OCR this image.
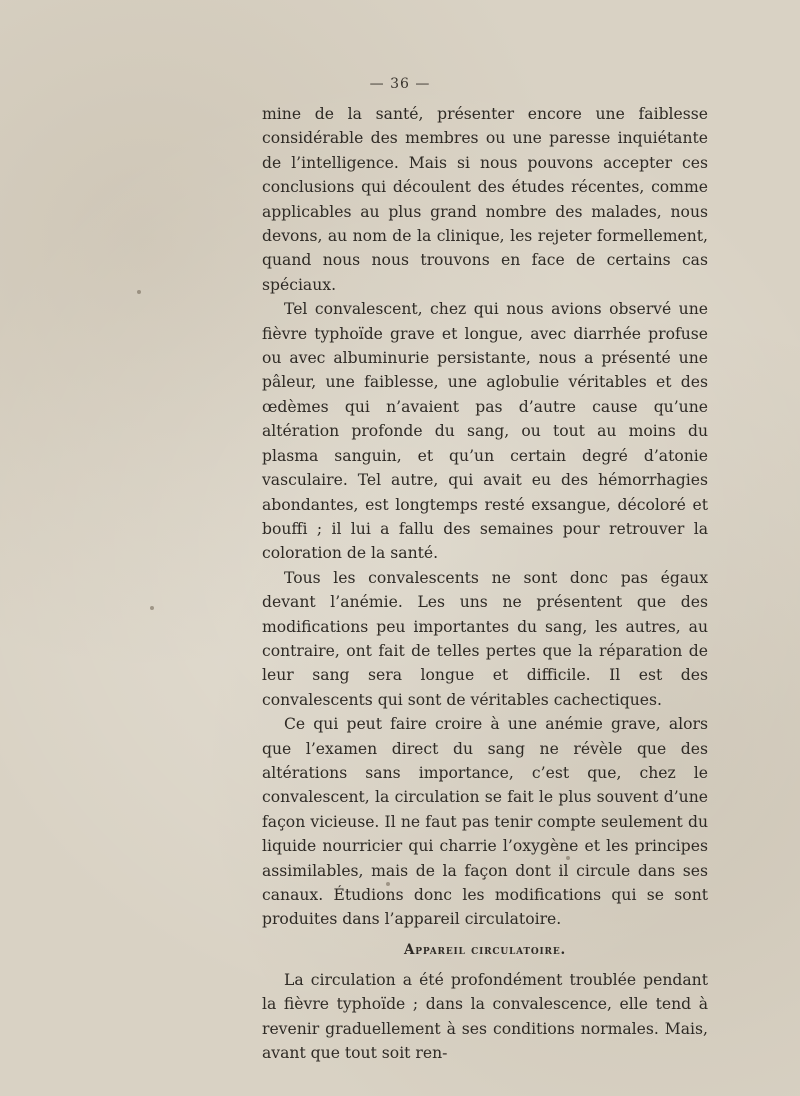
— 36 —

mine de la santé, présenter encore une faiblesse considérable des membres ou une paresse inquiétante de l’intelligence. Mais si nous pouvons accepter ces conclusions qui découlent des études récentes, comme applicables au plus grand nombre des malades, nous devons, au nom de la clinique, les rejeter formellement, quand nous nous trouvons en face de certains cas spéciaux.

Tel convalescent, chez qui nous avions observé une fièvre typhoïde grave et longue, avec diarrhée profuse ou avec albuminurie persistante, nous a présenté une pâleur, une faiblesse, une aglobulie véritables et des œdèmes qui n’avaient pas d’autre cause qu’une altération profonde du sang, ou tout au moins du plasma sanguin, et qu’un certain degré d’atonie vasculaire. Tel autre, qui avait eu des hémorrhagies abondantes, est longtemps resté exsangue, décoloré et bouffi ; il lui a fallu des semaines pour retrouver la coloration de la santé.

Tous les convalescents ne sont donc pas égaux devant l’anémie. Les uns ne présentent que des modifications peu importantes du sang, les autres, au contraire, ont fait de telles pertes que la réparation de leur sang sera longue et difficile. Il est des convalescents qui sont de véritables cachectiques.

Ce qui peut faire croire à une anémie grave, alors que l’examen direct du sang ne révèle que des altérations sans importance, c’est que, chez le convalescent, la circulation se fait le plus souvent d’une façon vicieuse. Il ne faut pas tenir compte seulement du liquide nourricier qui charrie l’oxygène et les principes assimilables, mais de la façon dont il circule dans ses canaux. Étudions donc les modifications qui se sont produites dans l’appareil circulatoire.

Appareil circulatoire.

La circulation a été profondément troublée pendant la fièvre typhoïde ; dans la convalescence, elle tend à revenir graduellement à ses conditions normales. Mais, avant que tout soit ren-
